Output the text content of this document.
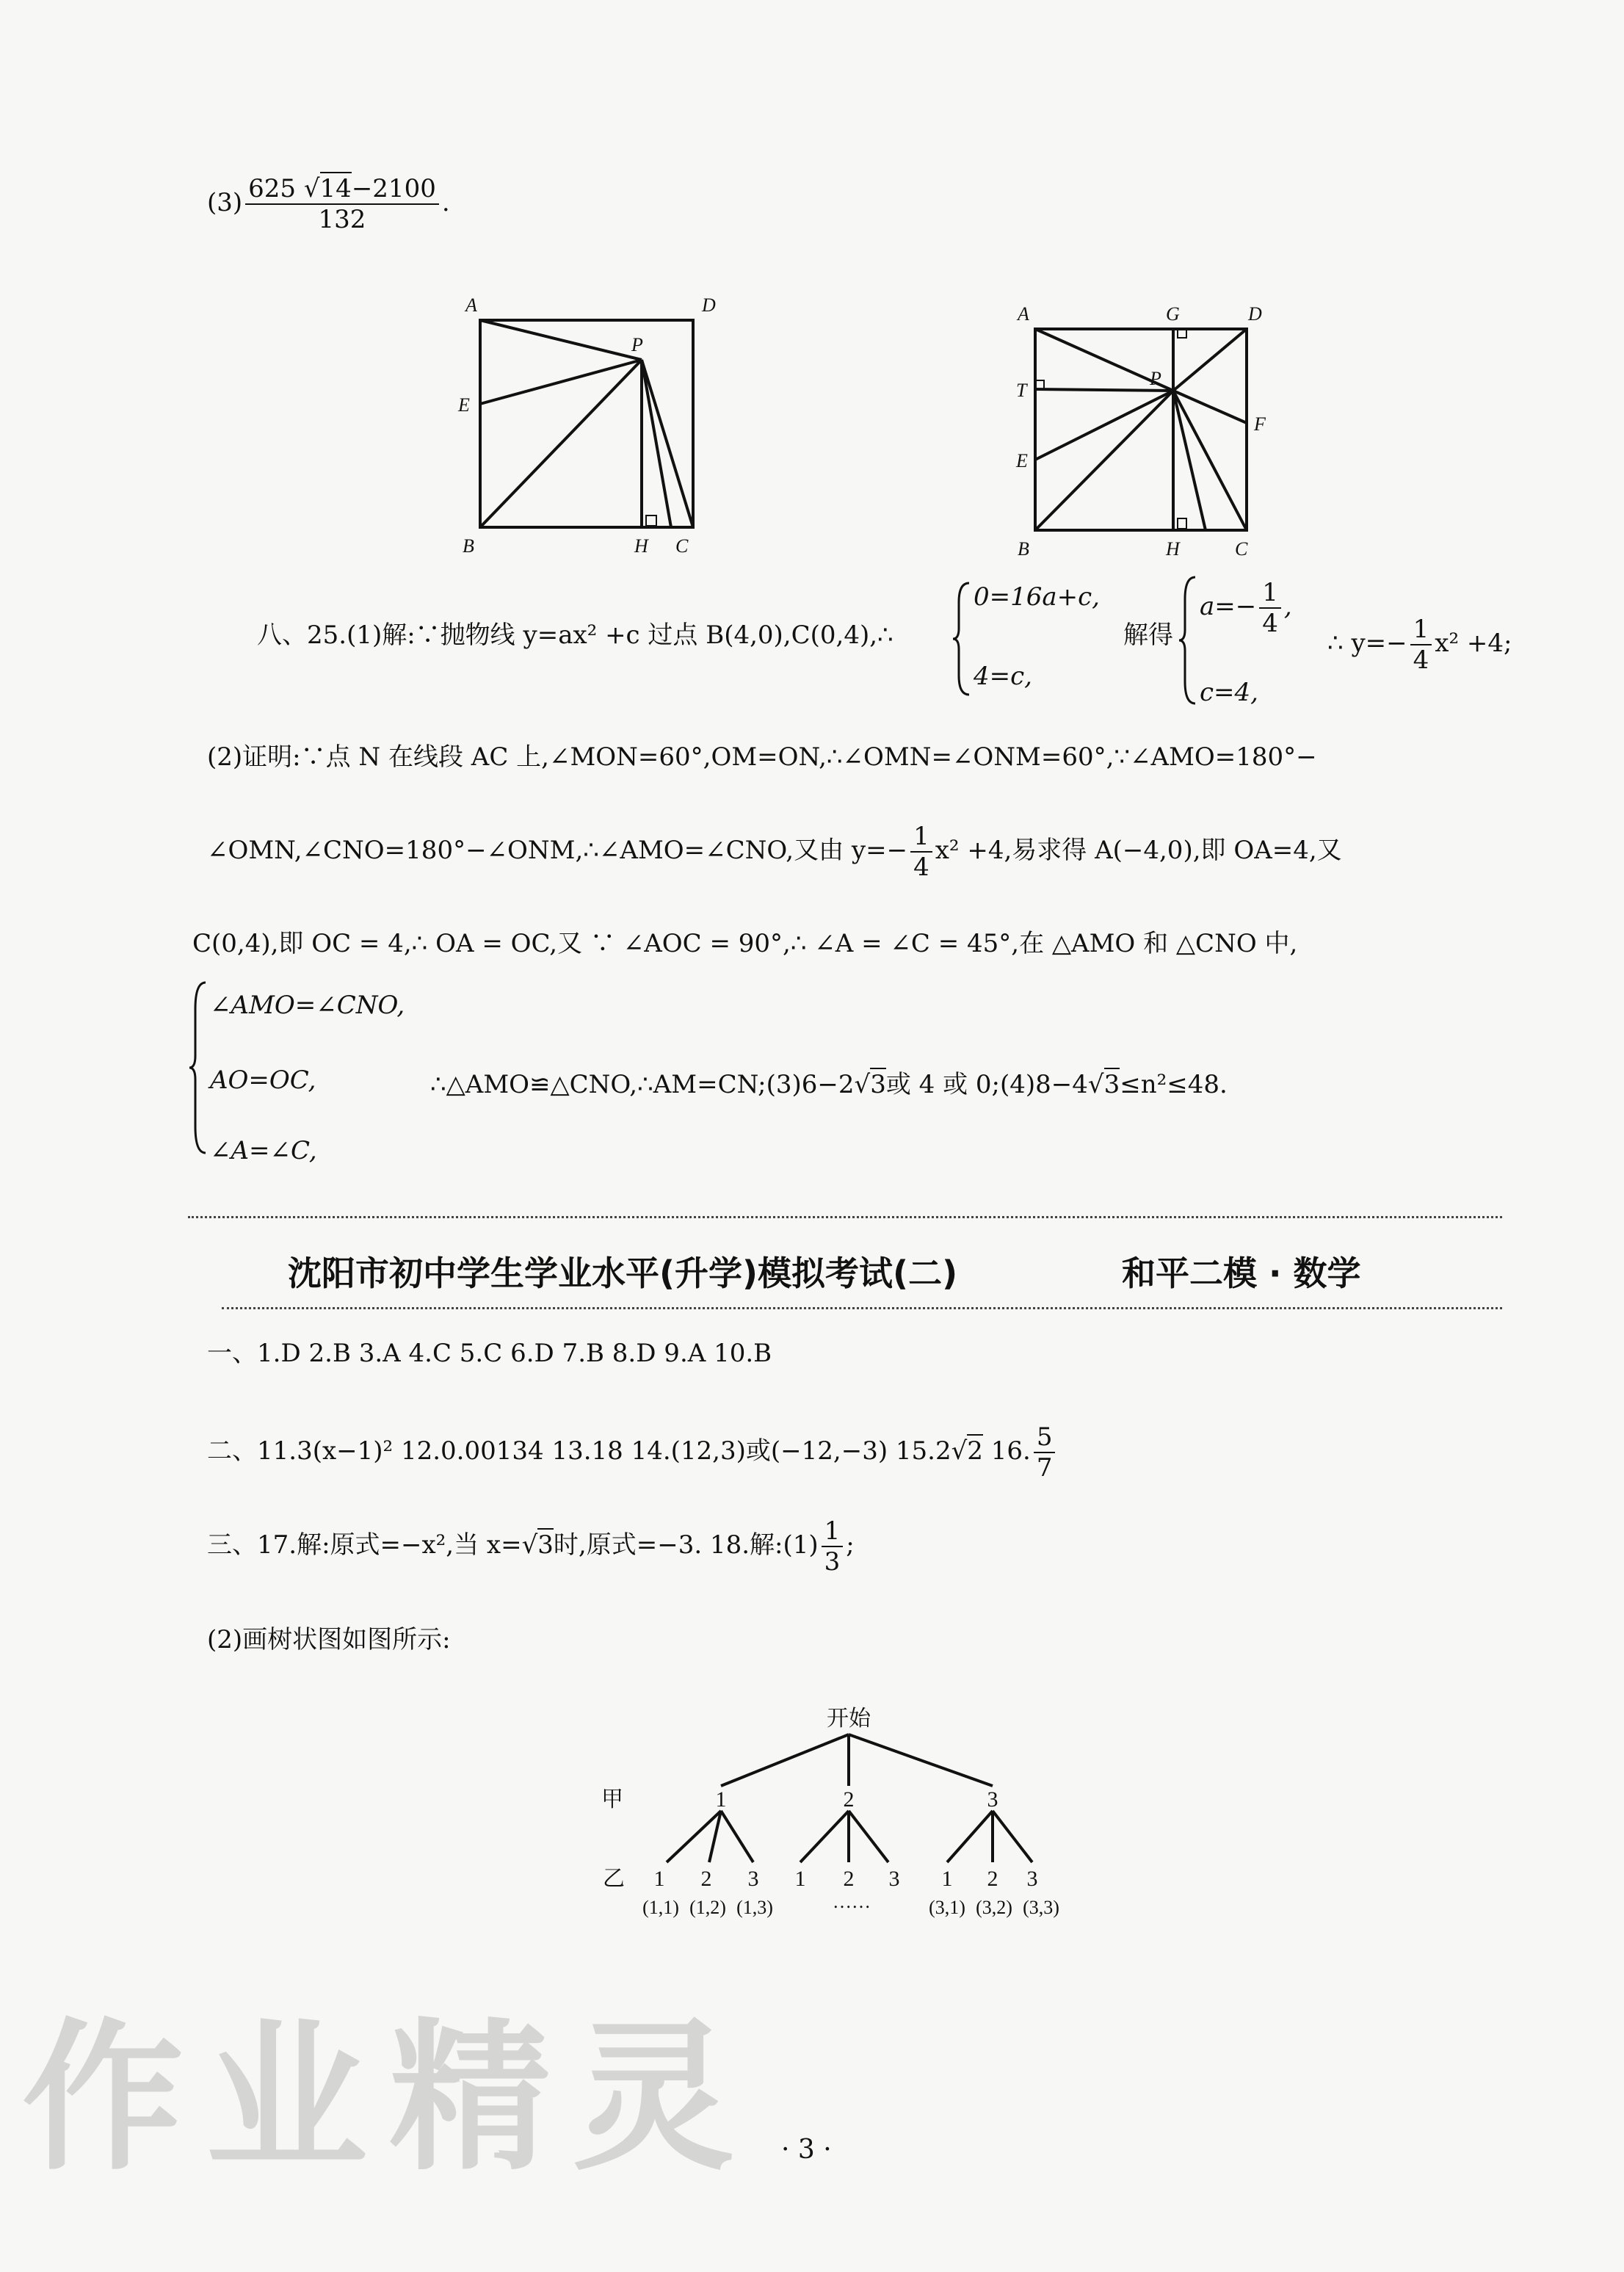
$(3) \frac{625 √14-2100}{132}$ .
A	D
P
E
B	H C
A	G	D
T
P
F
E
B	H	C
八、25.(1)解:∵抛物线 y=ax² +c 过点 B(4,0),C(0,4),∴
0=16a+c,
4=c,
解得
$a=- \frac{1}{4}$ ,
c=4,
∴ $y=- \frac{1}{4} x^2 +4$;
(2)证明:∵点 N 在线段 AC 上,∠MON=60°,OM=ON,∴∠OMN=∠ONM=60°,∵∠AMO=180°−
∠OMN,∠CNO=180°−∠ONM,∴∠AMO=∠CNO,又由 $y=- \frac{1}{4} x^2 +4$,易求得 A(−4,0),即 OA=4,又
C(0,4),即 OC = 4,∴ OA = OC,又 ∵ ∠AOC = 90°,∴ ∠A = ∠C = 45°,在 △AMO 和 △CNO 中,
∠AMO=∠CNO,
AO=OC,
∠A=∠C,
∴△AMO≌△CNO,∴AM=CN;(3)6−2√3或 4 或 0;(4)8−4√3≤n²≤48.
沈阳市初中学生学业水平(升学)模拟考试(二)	和平二模 · 数学
一、1.D 2.B 3.A 4.C 5.C 6.D 7.B 8.D 9.A 10.B
二、11.3(x−1)² 12.0.00134 13.18 14.(12,3)或(−12,−3) 15.2√2 16. $\frac{5}{7}$
三、17.解:原式=−x²,当 x=√3时,原式=−3. 18.解:(1) $\frac{1}{3}$ ;
(2)画树状图如图所示:
开始
甲	1	2	3
乙 1 2 3 1 2 3 1 2 3
(1,1) (1,2) (1,3)	……	(3,1) (3,2) (3,3)
作业精灵 · 3 ·
